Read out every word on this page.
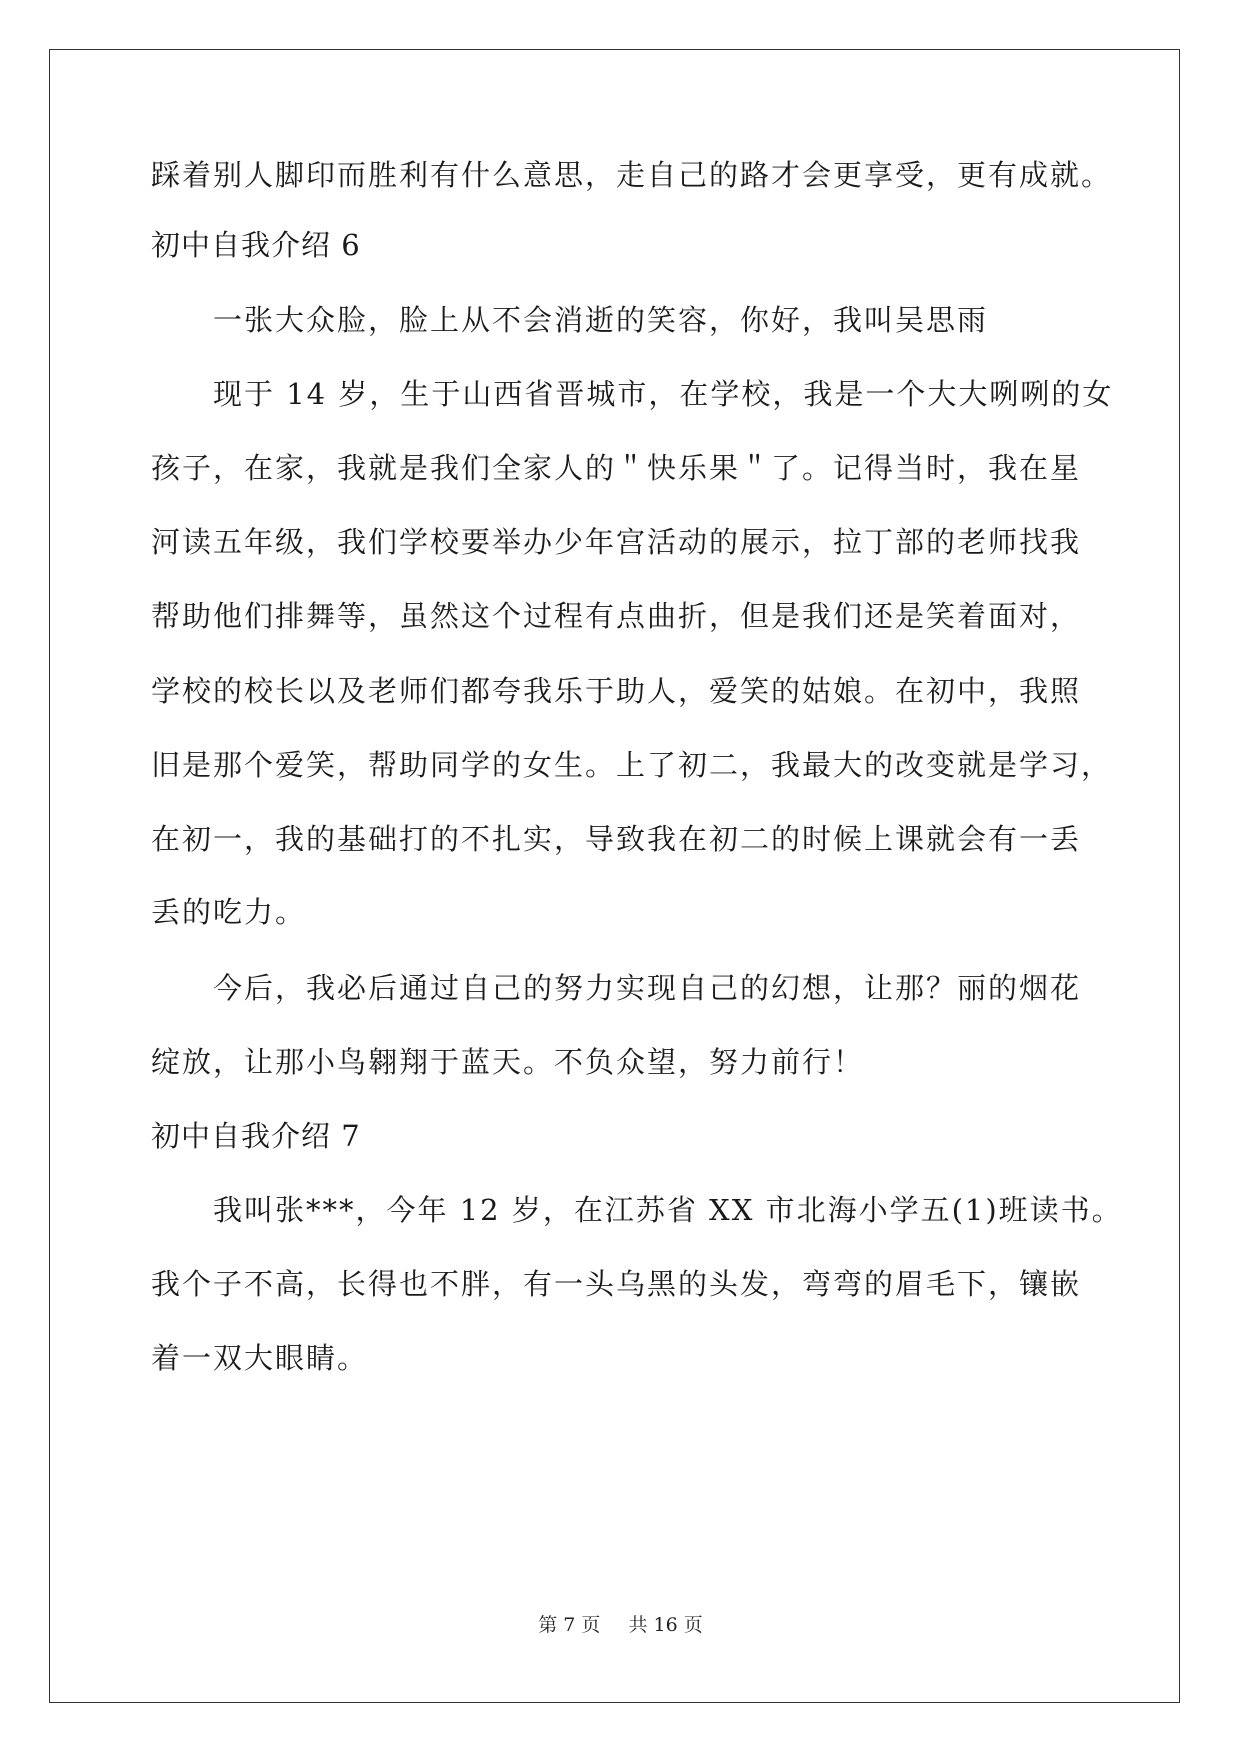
踩着别人脚印而胜利有什么意思，走自己的路才会更享受，更有成就。
初中自我介绍 6
一张大众脸，脸上从不会消逝的笑容，你好，我叫吴思雨
现于 14 岁，生于山西省晋城市，在学校，我是一个大大咧咧的女
孩子，在家，我就是我们全家人的＂快乐果＂了。记得当时，我在星
河读五年级，我们学校要举办少年宫活动的展示，拉丁部的老师找我
帮助他们排舞等，虽然这个过程有点曲折，但是我们还是笑着面对，
学校的校长以及老师们都夸我乐于助人，爱笑的姑娘。在初中，我照
旧是那个爱笑，帮助同学的女生。上了初二，我最大的改变就是学习，
在初一，我的基础打的不扎实，导致我在初二的时候上课就会有一丢
丢的吃力。
今后，我必后通过自己的努力实现自己的幻想，让那？丽的烟花
绽放，让那小鸟翱翔于蓝天。不负众望，努力前行！
初中自我介绍 7
我叫张***，今年 12 岁，在江苏省 XX 市北海小学五(1)班读书。
我个子不高，长得也不胖，有一头乌黑的头发，弯弯的眉毛下，镶嵌
着一双大眼睛。
第 7 页 共 16 页
